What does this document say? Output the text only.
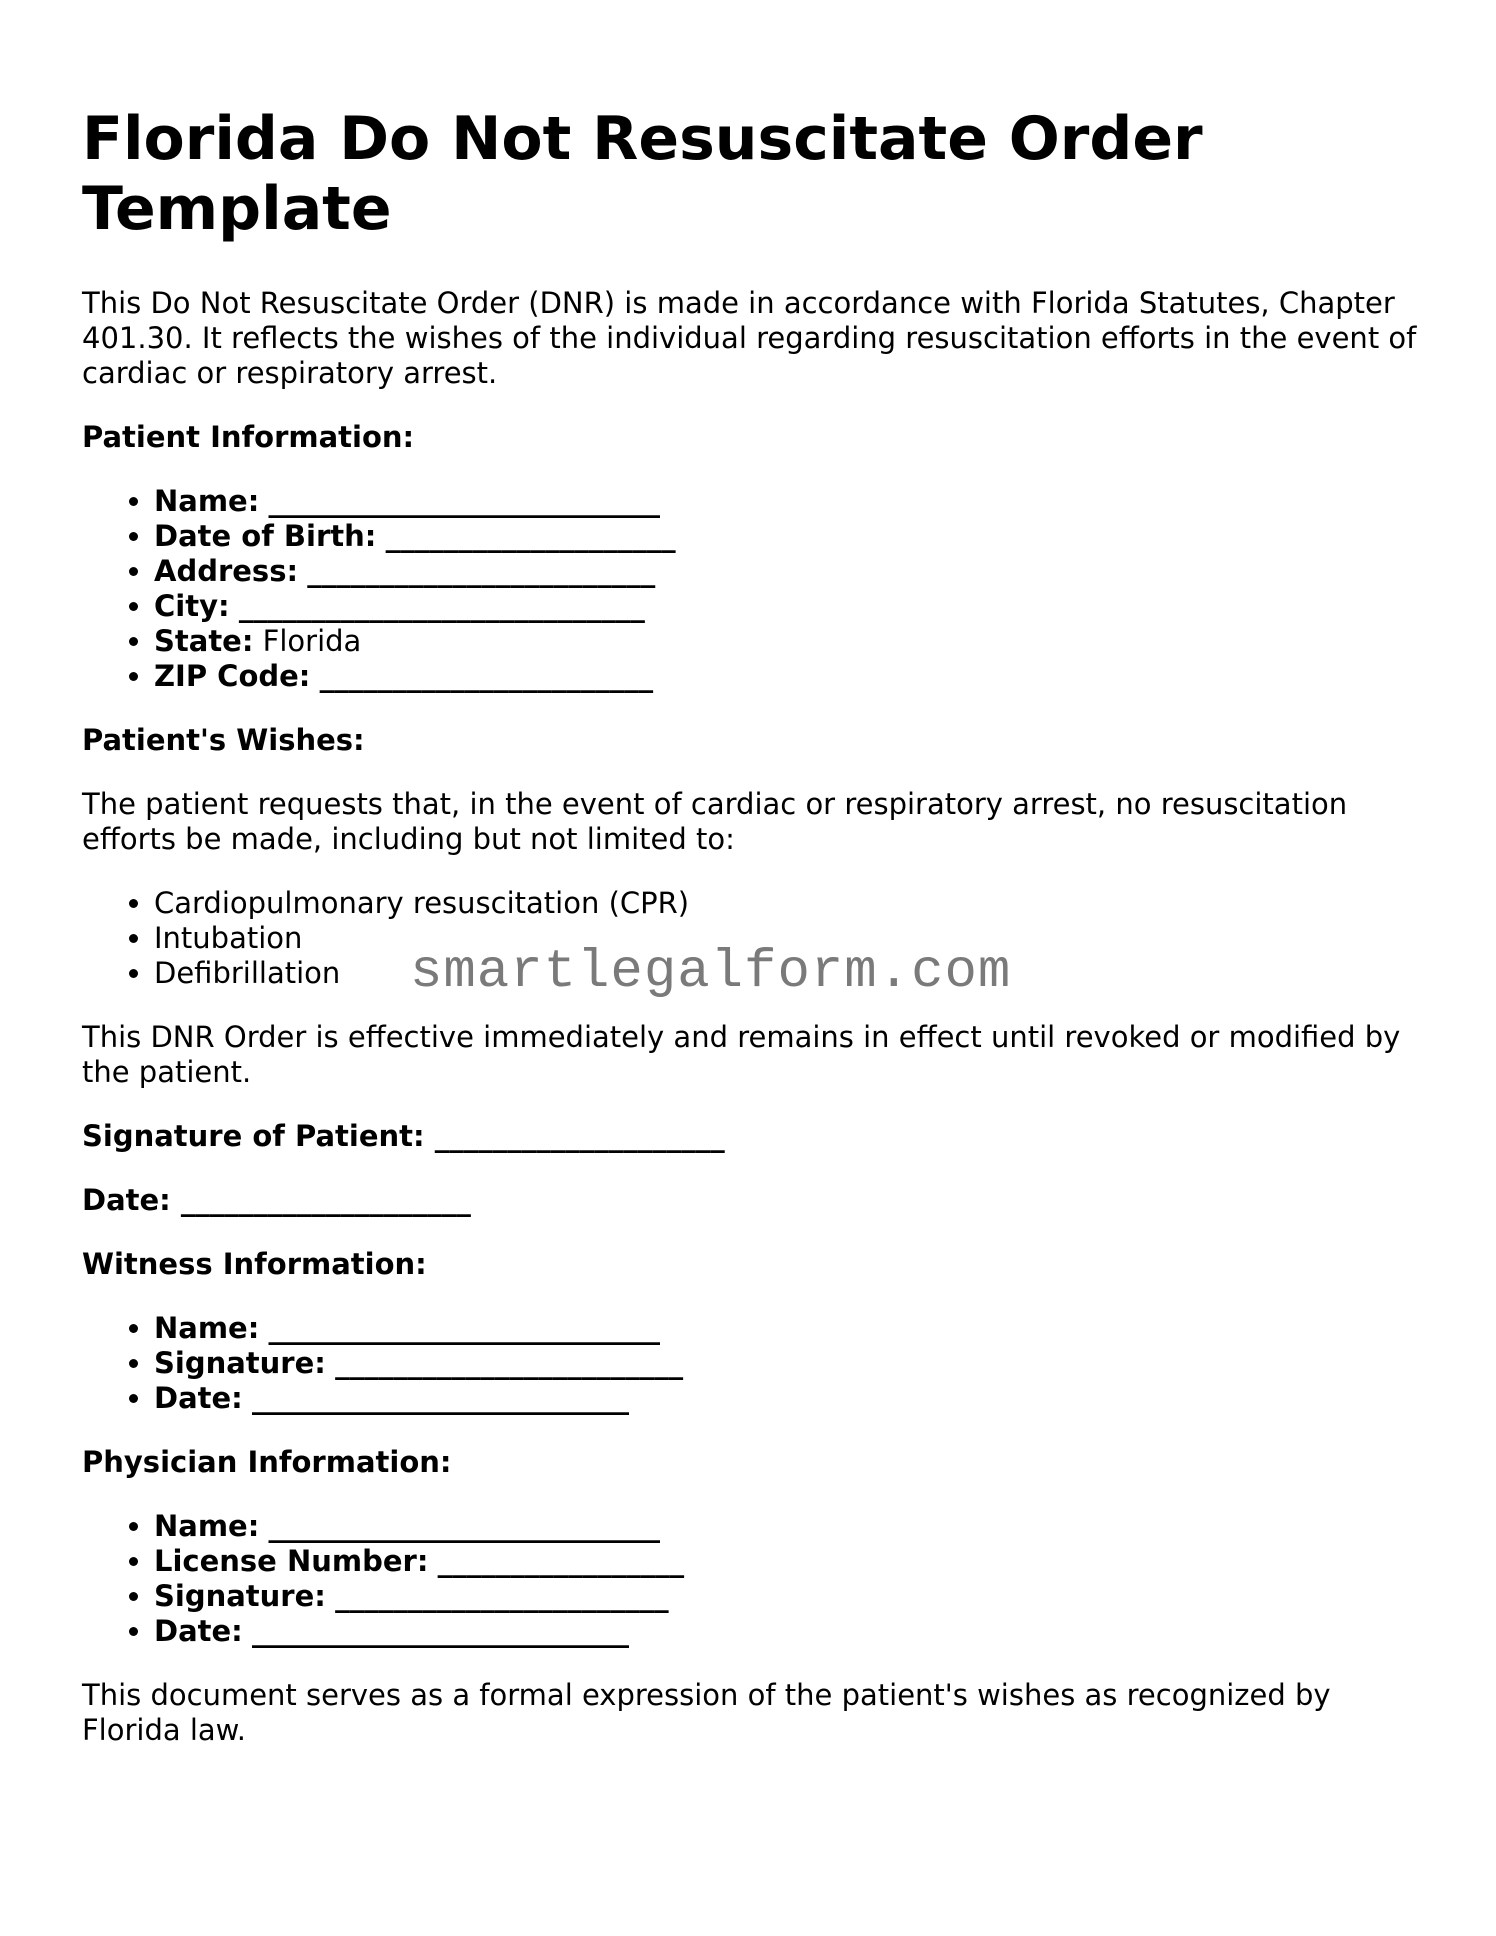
Florida Do Not Resuscitate Order Template

This Do Not Resuscitate Order (DNR) is made in accordance with Florida Statutes, Chapter 401.30. It reflects the wishes of the individual regarding resuscitation efforts in the event of cardiac or respiratory arrest.

Patient Information:

• Name: ___________________________
• Date of Birth: ____________________
• Address: ________________________
• City: ____________________________
• State: Florida
• ZIP Code: _______________________

Patient's Wishes:

The patient requests that, in the event of cardiac or respiratory arrest, no resuscitation efforts be made, including but not limited to:

• Cardiopulmonary resuscitation (CPR)
• Intubation
• Defibrillation

This DNR Order is effective immediately and remains in effect until revoked or modified by the patient.

Signature of Patient: ____________________

Date: ____________________

Witness Information:

• Name: ___________________________
• Signature: ________________________
• Date: __________________________

Physician Information:

• Name: ___________________________
• License Number: _________________
• Signature: _______________________
• Date: __________________________

This document serves as a formal expression of the patient's wishes as recognized by Florida law.

smartlegalform.com
